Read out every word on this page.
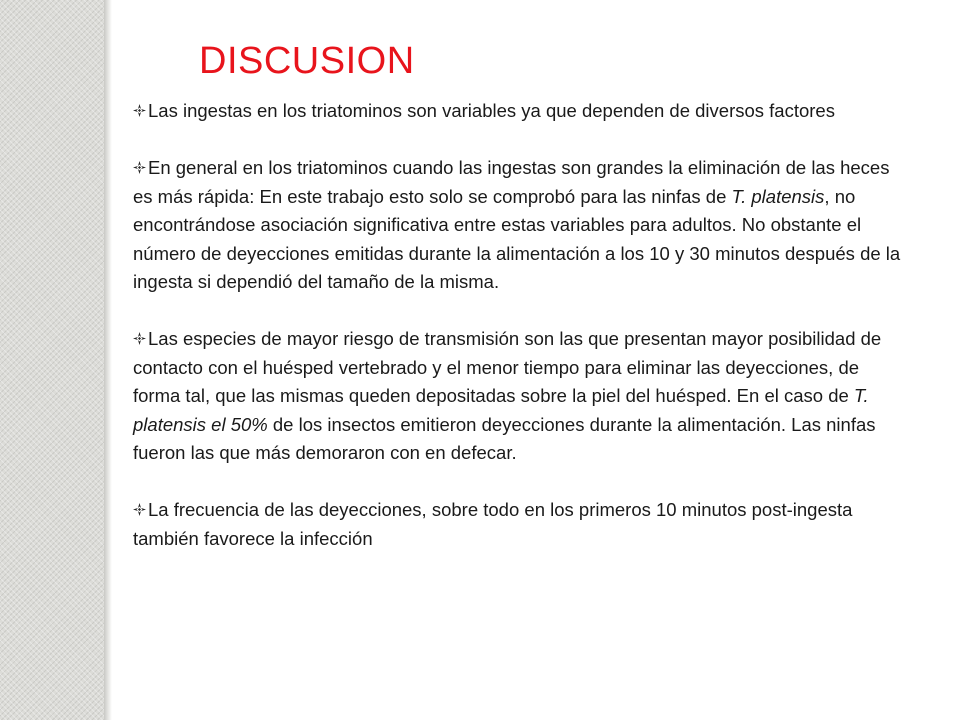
DISCUSION

Las ingestas en los triatominos son variables ya que dependen de diversos factores

En general en los triatominos cuando las ingestas son grandes la eliminación de las heces es más rápida: En este trabajo esto solo se comprobó para las ninfas de T. platensis, no encontrándose asociación significativa entre estas variables para adultos. No obstante el número de deyecciones emitidas durante la alimentación a los 10 y 30 minutos después de la ingesta si dependió del tamaño de la misma.

Las especies de mayor riesgo de transmisión son las que presentan mayor posibilidad de contacto con el huésped vertebrado y el menor tiempo para eliminar las deyecciones, de forma tal, que las mismas queden depositadas sobre la piel del huésped. En el caso de T. platensis el 50% de los insectos emitieron deyecciones durante la alimentación. Las ninfas fueron las que más demoraron con en defecar.

La frecuencia de las deyecciones, sobre todo en los primeros 10 minutos post-ingesta también favorece la infección
